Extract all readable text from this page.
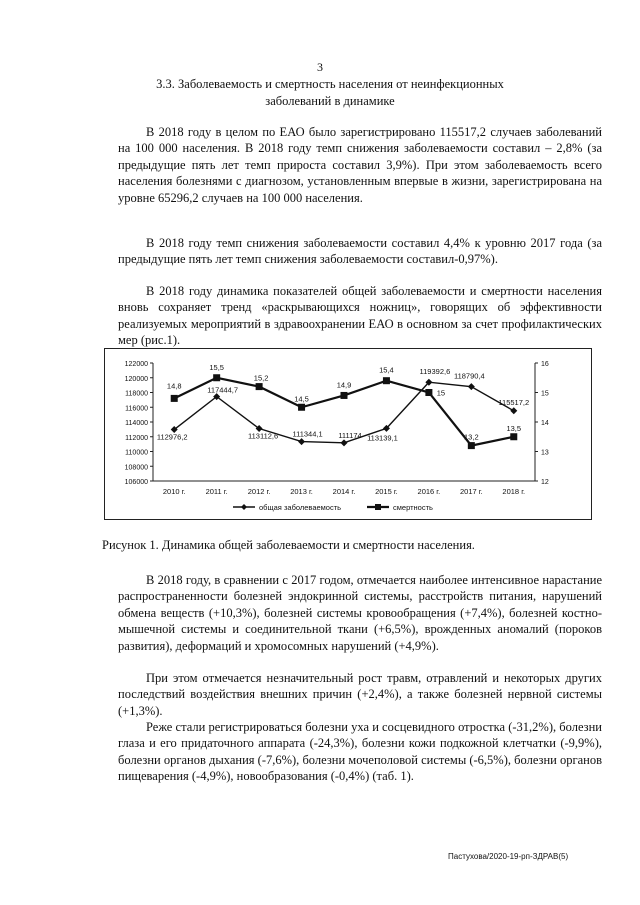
3
3.3. Заболеваемость и смертность населения от неинфекционных
заболеваний в динамике

В 2018 году в целом по ЕАО было зарегистрировано 115517,2 случаев заболеваний на 100 000 населения. В 2018 году темп снижения заболеваемости составил – 2,8% (за предыдущие пять лет темп прироста составил 3,9%). При этом заболеваемость всего населения болезнями с диагнозом, установленным впервые в жизни, зарегистрирована на уровне 65296,2 случаев на 100 000 населения.

В 2018 году темп снижения заболеваемости составил 4,4% к уровню 2017 года (за предыдущие пять лет темп снижения заболеваемости составил-0,97%).

В 2018 году динамика показателей общей заболеваемости и смертности населения вновь сохраняет тренд «раскрывающихся ножниц», говорящих об эффективности реализуемых мероприятий в здравоохранении ЕАО в основном за счет профилактических мер (рис.1).

106000
108000
110000
112000
114000
116000
118000
120000
122000
12
13
14
15
16
2010 г.	2011 г.	2012 г.	2013 г.	2014 г.	2015 г.	2016 г.	2017 г.	2018 г.
112976,2
117444,7
113112,6 111344,1 111174 113139,1
119392,6 118790,4
115517,2
14,8
15,5
15,2
14,5
14,9
15,4
15
13,2
13,5
общая заболеваемость	смертность
Рисунок 1. Динамика общей заболеваемости и смертности населения.

В 2018 году, в сравнении с 2017 годом, отмечается наиболее интенсивное нарастание распространенности болезней эндокринной системы, расстройств питания, нарушений обмена веществ (+10,3%), болезней системы кровообращения (+7,4%), болезней костно-мышечной системы и соединительной ткани (+6,5%), врожденных аномалий (пороков развития), деформаций и хромосомных нарушений (+4,9%).

При этом отмечается незначительный рост травм, отравлений и некоторых других последствий воздействия внешних причин (+2,4%), а также болезней нервной системы (+1,3%).

Реже стали регистрироваться болезни уха и сосцевидного отростка (-31,2%), болезни глаза и его придаточного аппарата (-24,3%), болезни кожи подкожной клетчатки (-9,9%), болезни органов дыхания (-7,6%), болезни мочеполовой системы (-6,5%), болезни органов пищеварения (-4,9%), новообразования (-0,4%) (таб. 1).

Пастухова/2020-19-рп-ЗДРАВ(5)
